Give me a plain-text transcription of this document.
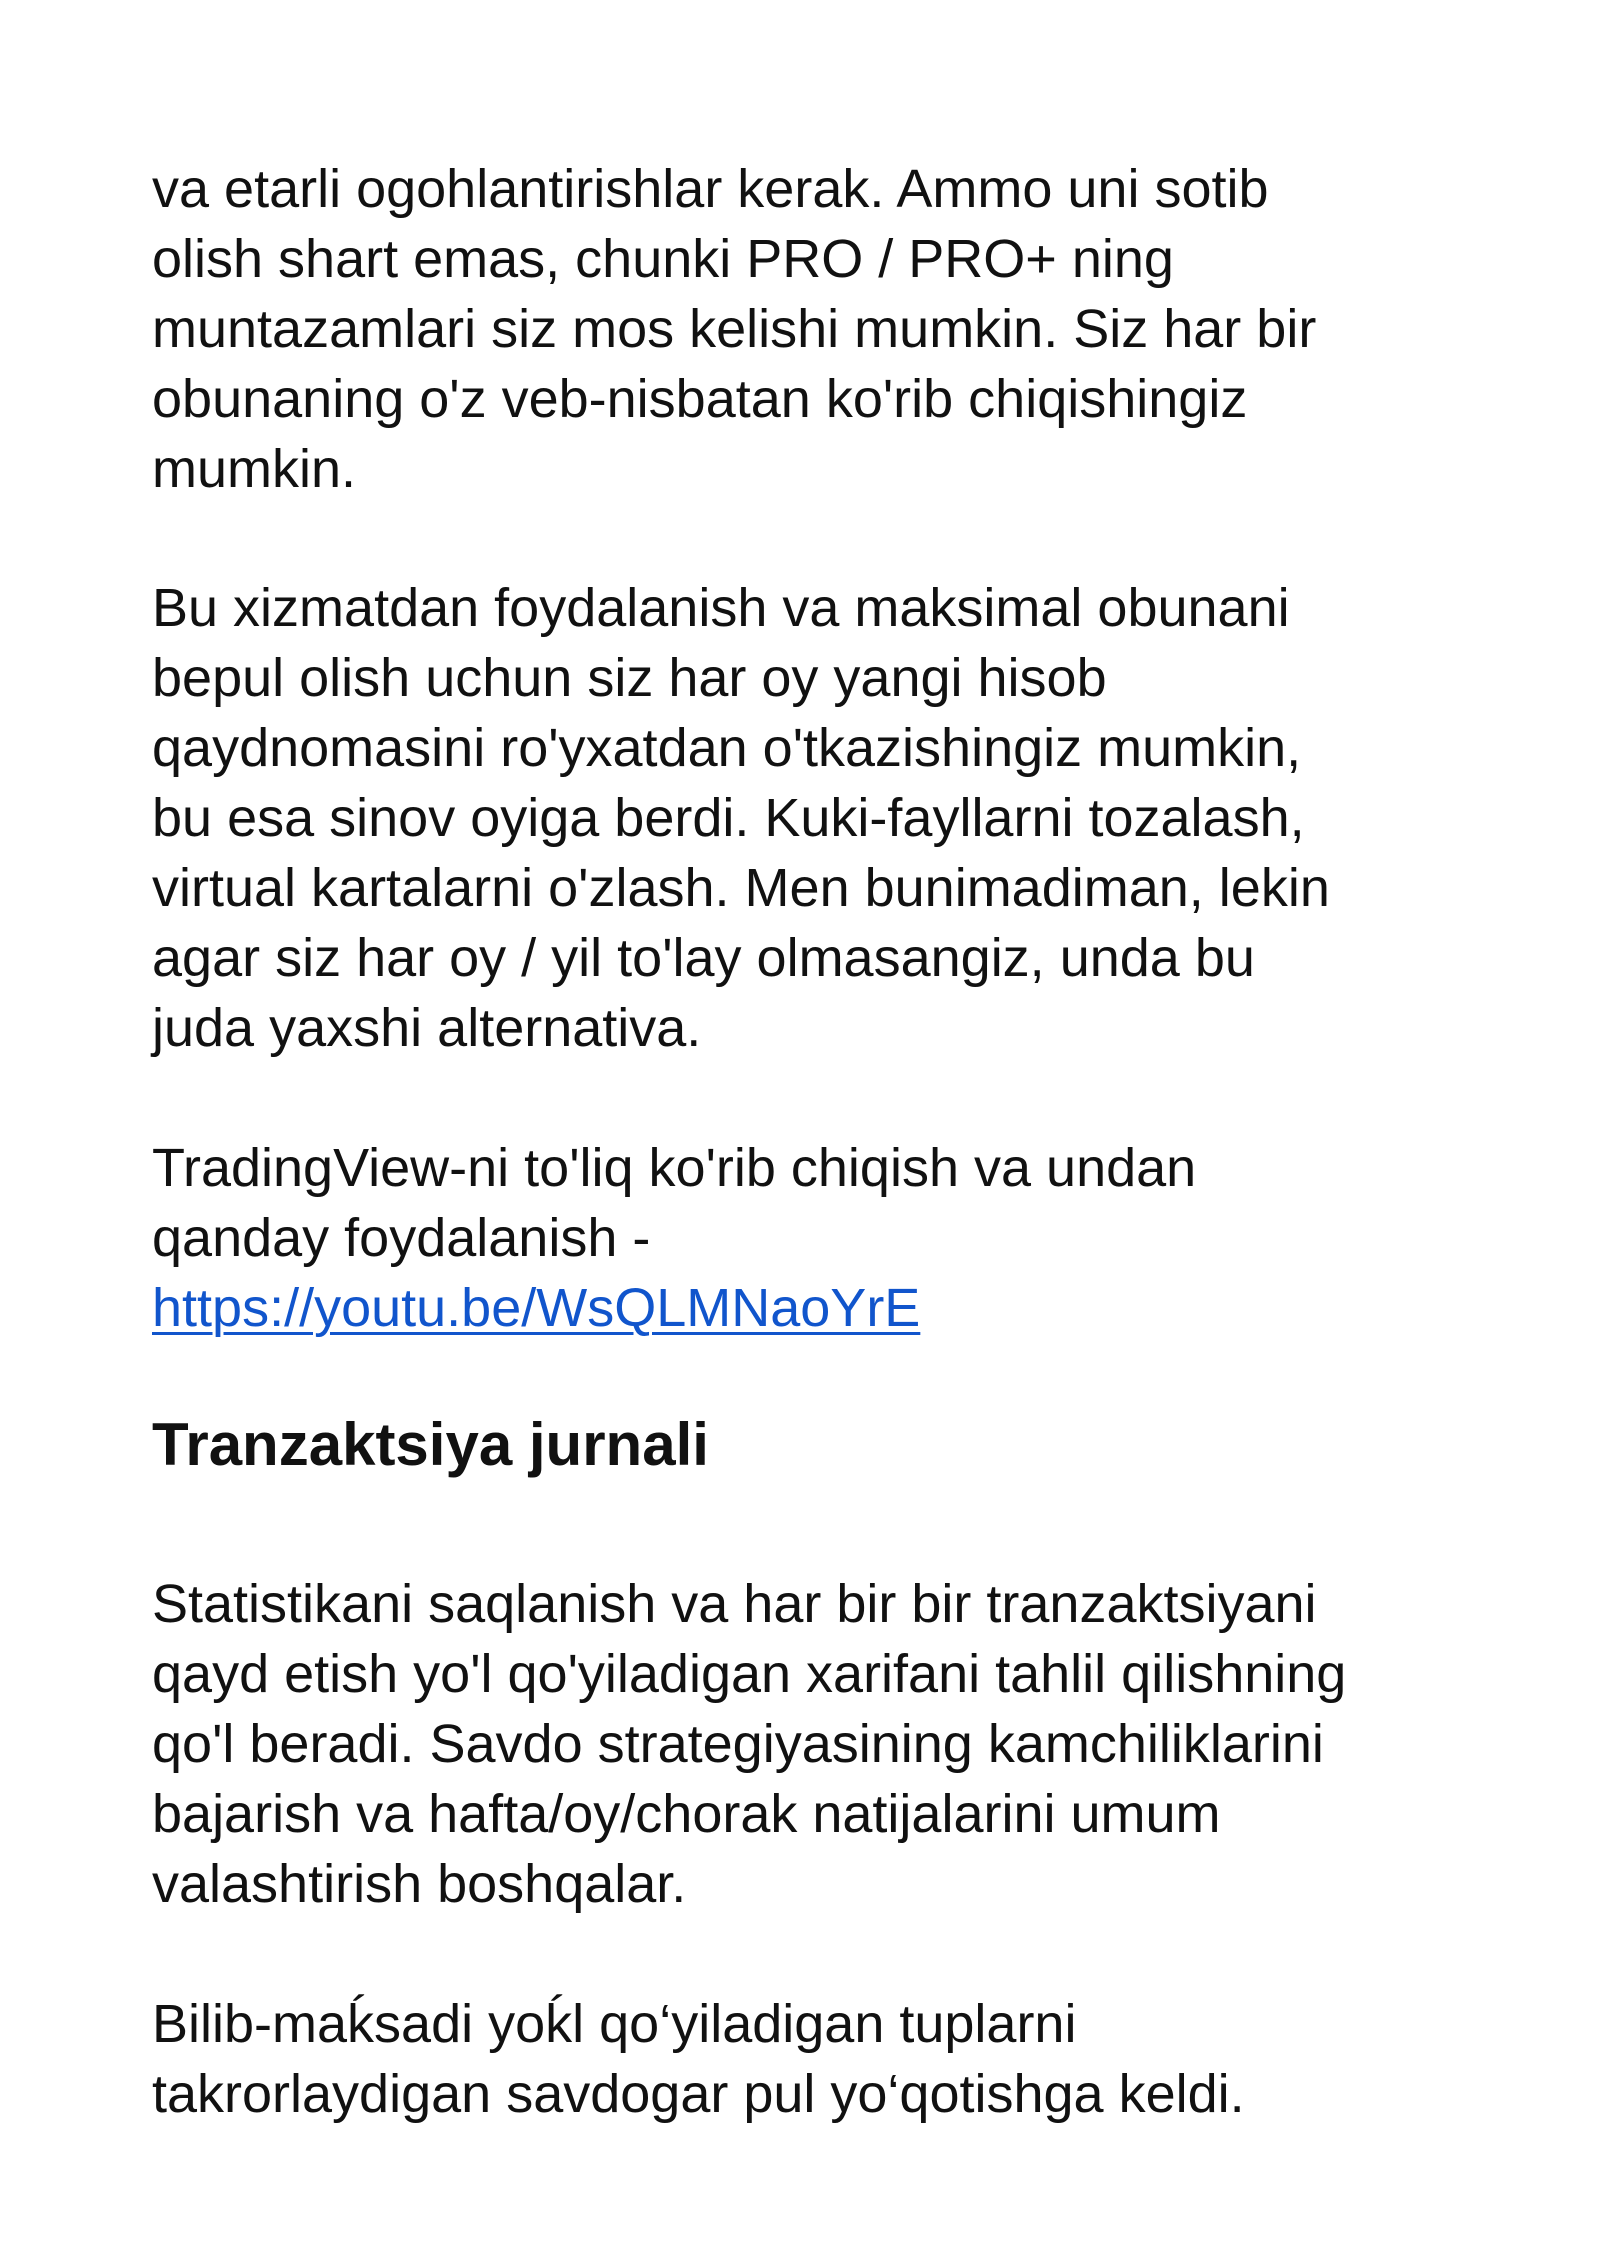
va etarli ogohlantirishlar kerak. Ammo uni sotib
olish shart emas, chunki PRO / PRO+ ning
muntazamlari siz mos kelishi mumkin. Siz har bir
obunaning o'z veb-nisbatan ko'rib chiqishingiz
mumkin.

Bu xizmatdan foydalanish va maksimal obunani
bepul olish uchun siz har oy yangi hisob
qaydnomasini ro'yxatdan o'tkazishingiz mumkin,
bu esa sinov oyiga berdi. Kuki-fayllarni tozalash,
virtual kartalarni o'zlash. Men bunimadiman, lekin
agar siz har oy / yil to'lay olmasangiz, unda bu
juda yaxshi alternativa.

TradingView-ni to'liq ko'rib chiqish va undan
qanday foydalanish -
https://youtu.be/WsQLMNaoYrE

Tranzaktsiya jurnali

Statistikani saqlanish va har bir bir tranzaktsiyani
qayd etish yo'l qo'yiladigan xarifani tahlil qilishning
qo'l beradi. Savdo strategiyasining kamchiliklarini
bajarish va hafta/oy/chorak natijalarini umum
valashtirish boshqalar.

Bilib-maḱsadi yoḱl qo‘yiladigan tuplarni
takrorlaydigan savdogar pul yo‘qotishga keldi.
